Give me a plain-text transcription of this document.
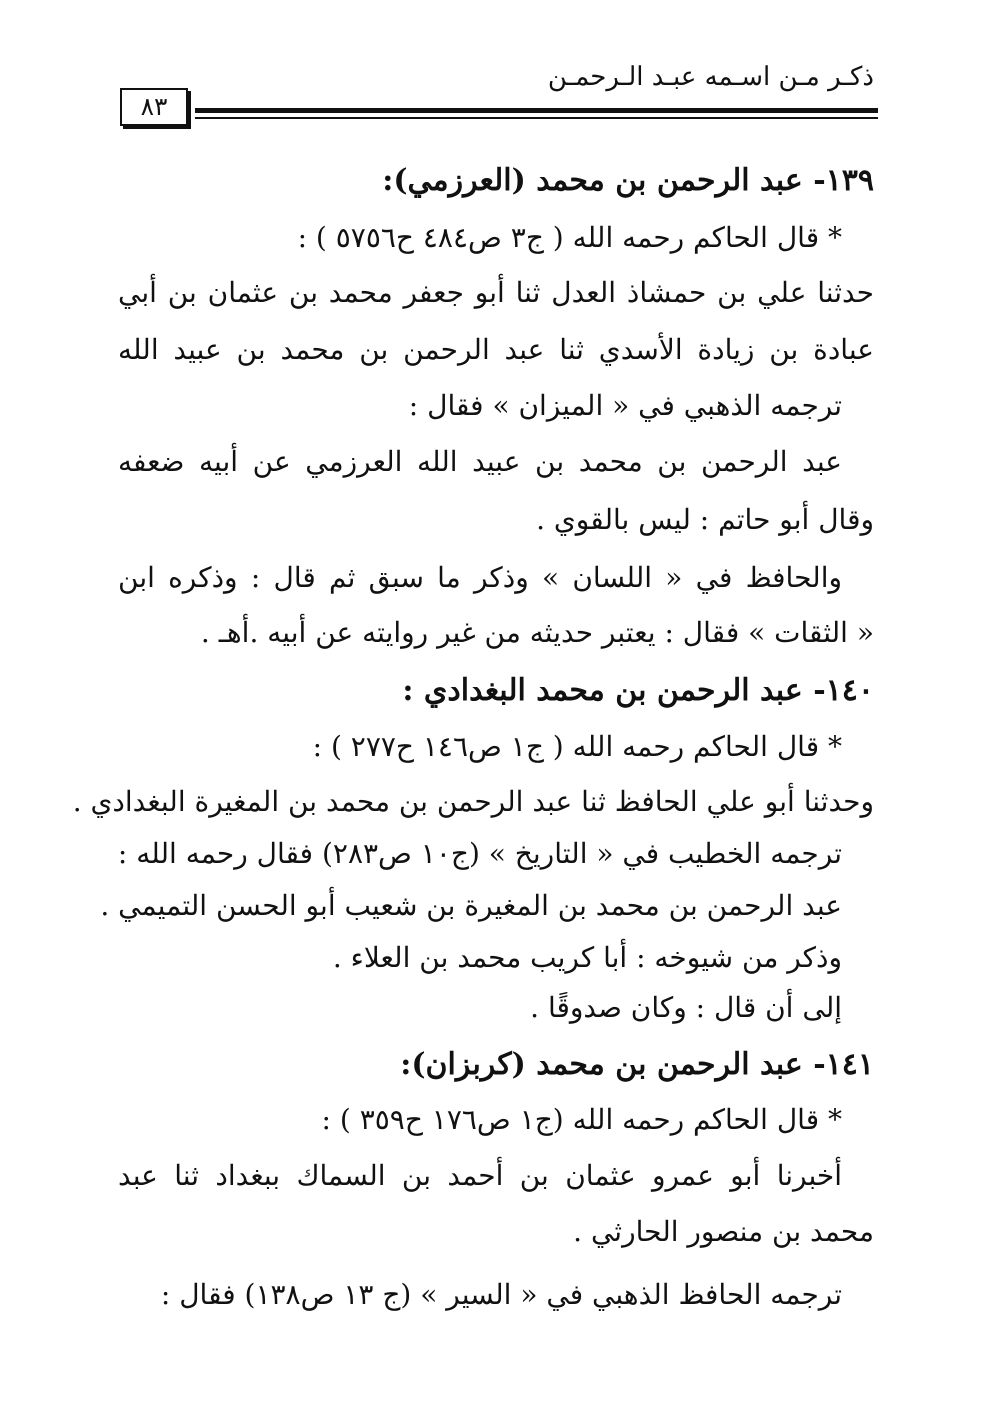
ذكـر مـن اسـمه عبـد الـرحمـن
٨٣
١٣٩- عبد الرحمن بن محمد (العرزمي):
* قال الحاكم رحمه الله ( ج٣ ص٤٨٤ ح٥٧٥٦ ) :
حدثنا علي بن حمشاذ العدل ثنا أبو جعفر محمد بن عثمان بن أبي
عبادة بن زيادة الأسدي ثنا عبد الرحمن بن محمد بن عبيد الله
ترجمه الذهبي في « الميزان » فقال :
عبد الرحمن بن محمد بن عبيد الله العرزمي عن أبيه ضعفه
وقال أبو حاتم : ليس بالقوي .
والحافظ في « اللسان » وذكر ما سبق ثم قال : وذكره ابن
« الثقات » فقال : يعتبر حديثه من غير روايته عن أبيه .أهـ .
١٤٠- عبد الرحمن بن محمد البغدادي :
* قال الحاكم رحمه الله ( ج١ ص١٤٦ ح٢٧٧ ) :
وحدثنا أبو علي الحافظ ثنا عبد الرحمن بن محمد بن المغيرة البغدادي .
ترجمه الخطيب في « التاريخ » (ج١٠ ص٢٨٣) فقال رحمه الله :
عبد الرحمن بن محمد بن المغيرة بن شعيب أبو الحسن التميمي .
وذكر من شيوخه : أبا كريب محمد بن العلاء .
إلى أن قال : وكان صدوقًا .
١٤١- عبد الرحمن بن محمد (كربزان):
* قال الحاكم رحمه الله (ج١ ص١٧٦ ح٣٥٩ ) :
أخبرنا أبو عمرو عثمان بن أحمد بن السماك ببغداد ثنا عبد
محمد بن منصور الحارثي .
ترجمه الحافظ الذهبي في « السير » (ج ١٣ ص١٣٨) فقال :
